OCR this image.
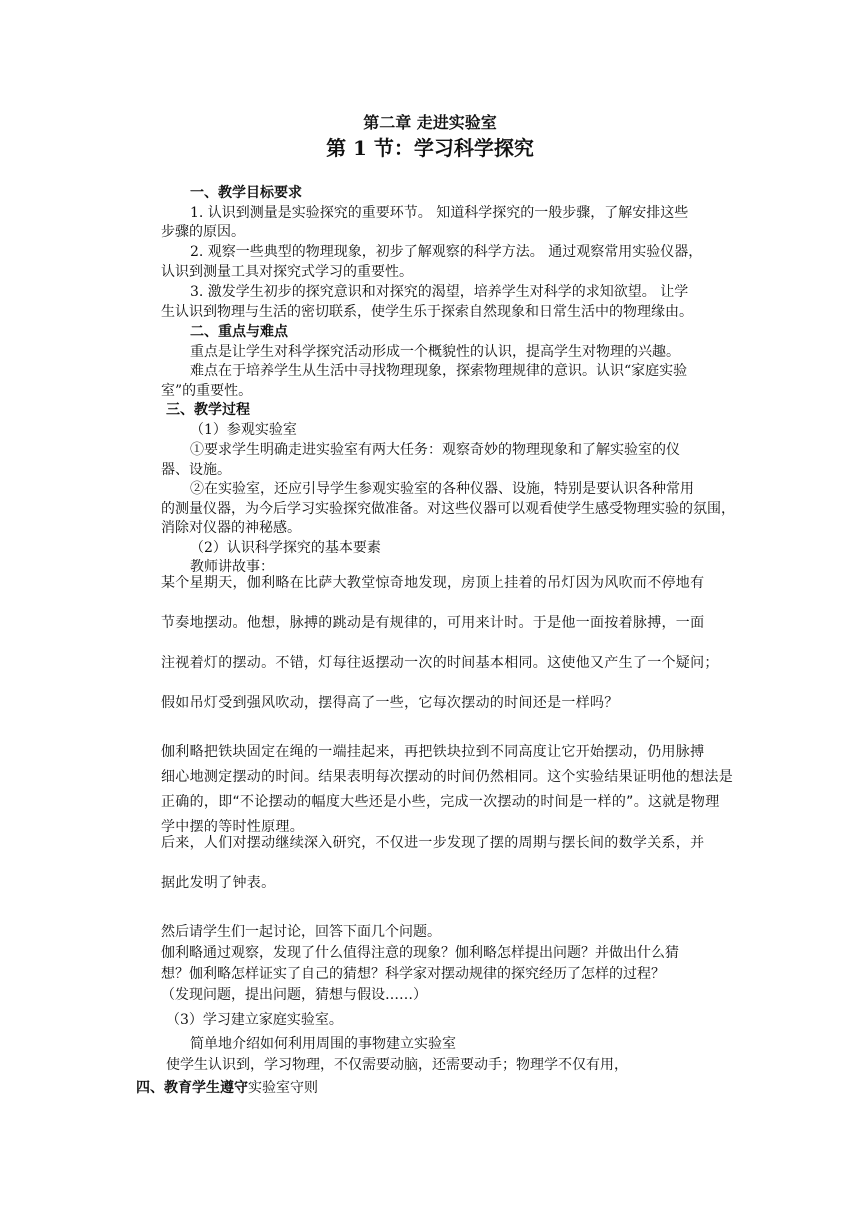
第二章 走进实验室
第 1 节：学习科学探究
一、教学目标要求
1. 认识到测量是实验探究的重要环节。 知道科学探究的一般步骤，了解安排这些
步骤的原因。
2. 观察一些典型的物理现象，初步了解观察的科学方法。 通过观察常用实验仪器，
认识到测量工具对探究式学习的重要性。
3. 激发学生初步的探究意识和对探究的渴望，培养学生对科学的求知欲望。 让学
生认识到物理与生活的密切联系，使学生乐于探索自然现象和日常生活中的物理缘由。
二、重点与难点
重点是让学生对科学探究活动形成一个概貌性的认识，提高学生对物理的兴趣。
难点在于培养学生从生活中寻找物理现象，探索物理规律的意识。认识“家庭实验
室”的重要性。
三、教学过程
（1）参观实验室
①要求学生明确走进实验室有两大任务：观察奇妙的物理现象和了解实验室的仪
器、设施。
②在实验室，还应引导学生参观实验室的各种仪器、设施，特别是要认识各种常用
的测量仪器，为今后学习实验探究做准备。对这些仪器可以观看使学生感受物理实验的氛围，
消除对仪器的神秘感。
（2）认识科学探究的基本要素
教师讲故事：
某个星期天，伽利略在比萨大教堂惊奇地发现，房顶上挂着的吊灯因为风吹而不停地有
节奏地摆动。他想，脉搏的跳动是有规律的，可用来计时。于是他一面按着脉搏，一面
注视着灯的摆动。不错，灯每往返摆动一次的时间基本相同。这使他又产生了一个疑问；
假如吊灯受到强风吹动，摆得高了一些，它每次摆动的时间还是一样吗？
伽利略把铁块固定在绳的一端挂起来，再把铁块拉到不同高度让它开始摆动，仍用脉搏
细心地测定摆动的时间。结果表明每次摆动的时间仍然相同。这个实验结果证明他的想法是
正确的，即“不论摆动的幅度大些还是小些，完成一次摆动的时间是一样的”。这就是物理
学中摆的等时性原理。
后来，人们对摆动继续深入研究，不仅进一步发现了摆的周期与摆长间的数学关系，并
据此发明了钟表。
然后请学生们一起讨论，回答下面几个问题。
伽利略通过观察，发现了什么值得注意的现象？伽利略怎样提出问题？并做出什么猜
想？伽利略怎样证实了自己的猜想？科学家对摆动规律的探究经历了怎样的过程？
（发现问题，提出问题，猜想与假设……）
（3）学习建立家庭实验室。
简单地介绍如何利用周围的事物建立实验室
使学生认识到，学习物理，不仅需要动脑，还需要动手；物理学不仅有用，
四、教育学生遵守实验室守则
